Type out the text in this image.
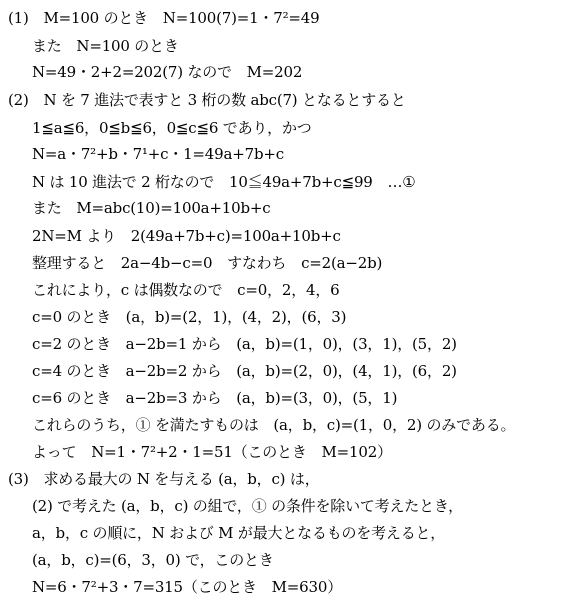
(1)　M=100 のとき　N=100(7)=1・7²=49
また　N=100 のとき
N=49・2+2=202(7) なので　M=202
(2)　N を 7 進法で表すと 3 桁の数 abc(7) となるとすると
1≦a≦6，0≦b≦6，0≦c≦6 であり，かつ
N=a・7²+b・7¹+c・1=49a+7b+c
N は 10 進法で 2 桁なので　10≦49a+7b+c≦99　…①
また　M=abc(10)=100a+10b+c
2N=M より　2(49a+7b+c)=100a+10b+c
整理すると　2a−4b−c=0　すなわち　c=2(a−2b)
これにより，c は偶数なので　c=0，2，4，6
c=0 のとき　(a，b)=(2，1)，(4，2)，(6，3)
c=2 のとき　a−2b=1 から　(a，b)=(1，0)，(3，1)，(5，2)
c=4 のとき　a−2b=2 から　(a，b)=(2，0)，(4，1)，(6，2)
c=6 のとき　a−2b=3 から　(a，b)=(3，0)，(5，1)
これらのうち，① を満たすものは　(a，b，c)=(1，0，2) のみである。
よって　N=1・7²+2・1=51（このとき　M=102）
(3)　求める最大の N を与える (a，b，c) は，
(2) で考えた (a，b，c) の組で，① の条件を除いて考えたとき，
a，b，c の順に，N および M が最大となるものを考えると，
(a，b，c)=(6，3，0) で，このとき
N=6・7²+3・7=315（このとき　M=630）
